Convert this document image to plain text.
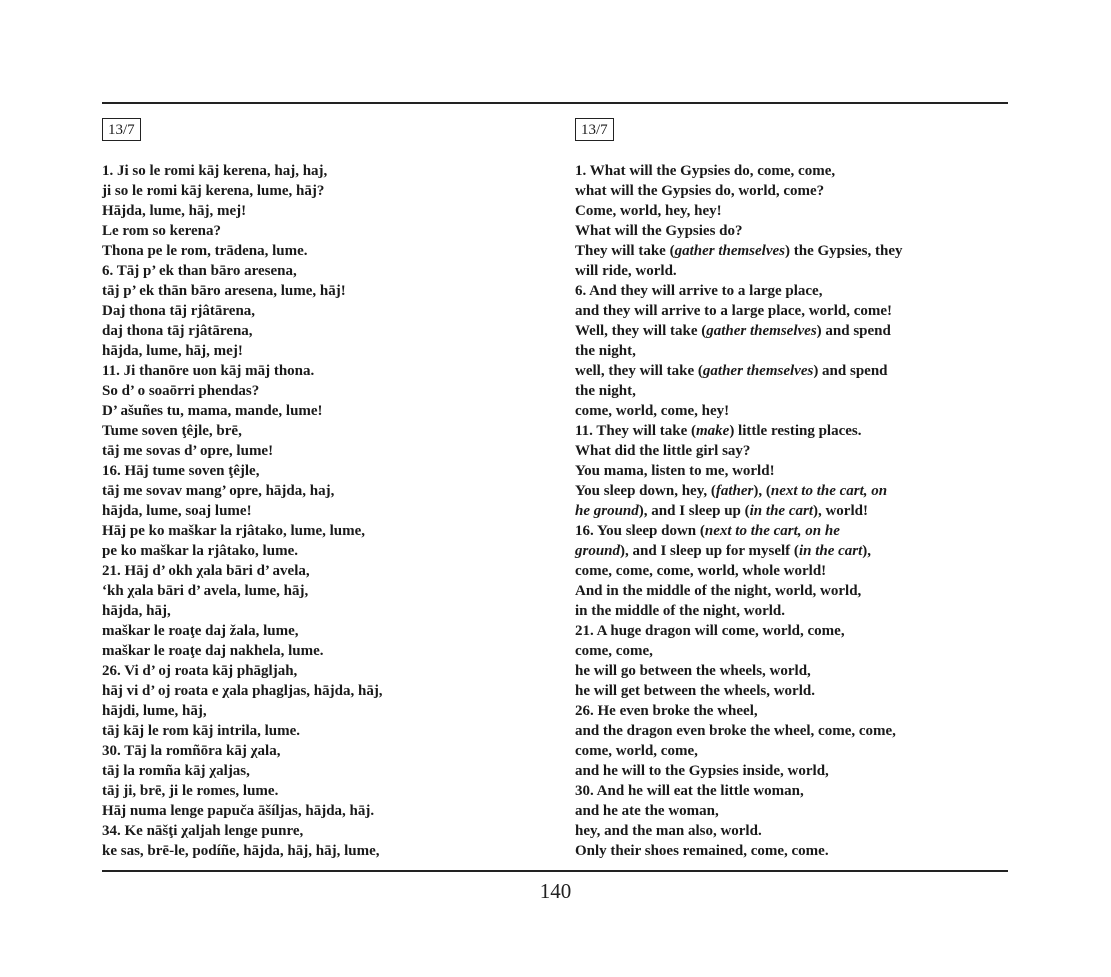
13/7
1. Ji so le romi kāj kerena, haj, haj,
ji so le romi kāj kerena, lume, hāj?
Hājda, lume, hāj, mej!
Le rom so kerena?
Thona pe le rom, trādena, lume.
6. Tāj p’ ek than bāro aresena,
tāj p’ ek thān bāro aresena, lume, hāj!
Daj thona tāj rjâtārena,
daj thona tāj rjâtārena,
hājda, lume, hāj, mej!
11. Ji thanōre uon kāj māj thona.
So d’ o soaōrri phendas?
D’ ašuñes tu, mama, mande, lume!
Tume soven ţêjle, brē,
tāj me sovas d’ opre, lume!
16. Hāj tume soven ţêjle,
tāj me sovav mang’ opre, hājda, haj,
hājda, lume, soaj lume!
Hāj pe ko maškar la rjâtako, lume, lume,
pe ko maškar la rjâtako, lume.
21. Hāj d’ okh χala bāri d’ avela,
‘kh χala bāri d’ avela, lume, hāj,
hājda, hāj,
maškar le roaţe daj žala, lume,
maškar le roaţe daj nakhela, lume.
26. Vi d’ oj roata kāj phāgljah,
hāj vi d’ oj roata e χala phagljas, hājda, hāj,
hājdi, lume, hāj,
tāj kāj le rom kāj intrila, lume.
30. Tāj la romñōra kāj χala,
tāj la romña kāj χaljas,
tāj ji, brē, ji le romes, lume.
Hāj numa lenge papuča āšíljas, hājda, hāj.
34. Ke nāšţi χaljah lenge punre,
ke sas, brē-le, podíñe, hājda, hāj, hāj, lume,
13/7
1. What will the Gypsies do, come, come,
what will the Gypsies do, world, come?
Come, world, hey, hey!
What will the Gypsies do?
They will take (gather themselves) the Gypsies, they
will ride, world.
6. And they will arrive to a large place,
and they will arrive to a large place, world, come!
Well, they will take (gather themselves) and spend
the night,
well, they will take (gather themselves) and spend
the night,
come, world, come, hey!
11. They will take (make) little resting places.
What did the little girl say?
You mama, listen to me, world!
You sleep down, hey, (father), (next to the cart, on
he ground), and I sleep up (in the cart), world!
16. You sleep down (next to the cart, on he
ground), and I sleep up for myself (in the cart),
come, come, come, world, whole world!
And in the middle of the night, world, world,
in the middle of the night, world.
21. A huge dragon will come, world, come,
come, come,
he will go between the wheels, world,
he will get between the wheels, world.
26. He even broke the wheel,
and the dragon even broke the wheel, come, come,
come, world, come,
and he will to the Gypsies inside, world,
30. And he will eat the little woman,
and he ate the woman,
hey, and the man also, world.
Only their shoes remained, come, come.
140
